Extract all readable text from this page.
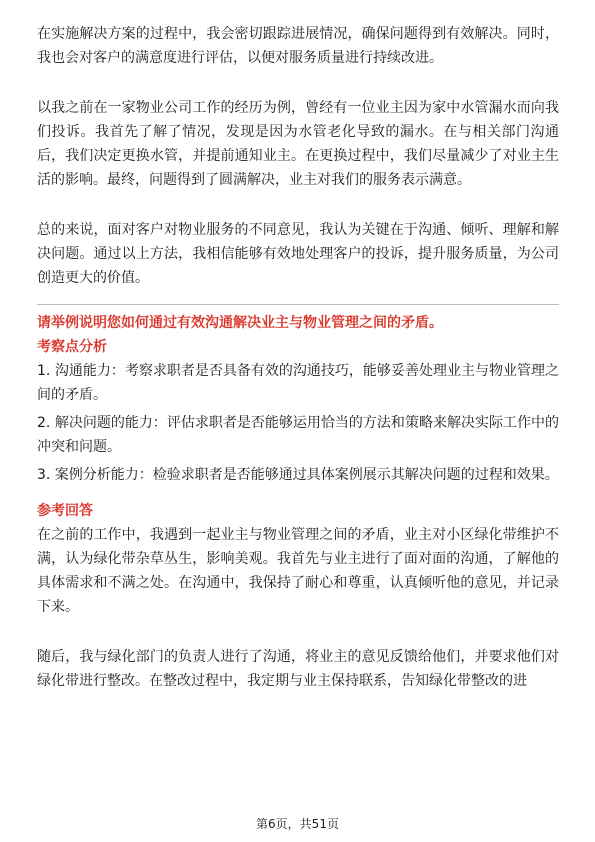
在实施解决方案的过程中，我会密切跟踪进展情况，确保问题得到有效解决。同时，我也会对客户的满意度进行评估，以便对服务质量进行持续改进。

以我之前在一家物业公司工作的经历为例，曾经有一位业主因为家中水管漏水而向我们投诉。我首先了解了情况，发现是因为水管老化导致的漏水。在与相关部门沟通后，我们决定更换水管，并提前通知业主。在更换过程中，我们尽量减少了对业主生活的影响。最终，问题得到了圆满解决，业主对我们的服务表示满意。

总的来说，面对客户对物业服务的不同意见，我认为关键在于沟通、倾听、理解和解决问题。通过以上方法，我相信能够有效地处理客户的投诉，提升服务质量，为公司创造更大的价值。

请举例说明您如何通过有效沟通解决业主与物业管理之间的矛盾。

考察点分析

1. 沟通能力：考察求职者是否具备有效的沟通技巧，能够妥善处理业主与物业管理之间的矛盾。

2. 解决问题的能力：评估求职者是否能够运用恰当的方法和策略来解决实际工作中的冲突和问题。

3. 案例分析能力：检验求职者是否能够通过具体案例展示其解决问题的过程和效果。

参考回答

在之前的工作中，我遇到一起业主与物业管理之间的矛盾，业主对小区绿化带维护不满，认为绿化带杂草丛生，影响美观。我首先与业主进行了面对面的沟通，了解他的具体需求和不满之处。在沟通中，我保持了耐心和尊重，认真倾听他的意见，并记录下来。

随后，我与绿化部门的负责人进行了沟通，将业主的意见反馈给他们，并要求他们对绿化带进行整改。在整改过程中，我定期与业主保持联系，告知绿化带整改的进

第6页，共51页
